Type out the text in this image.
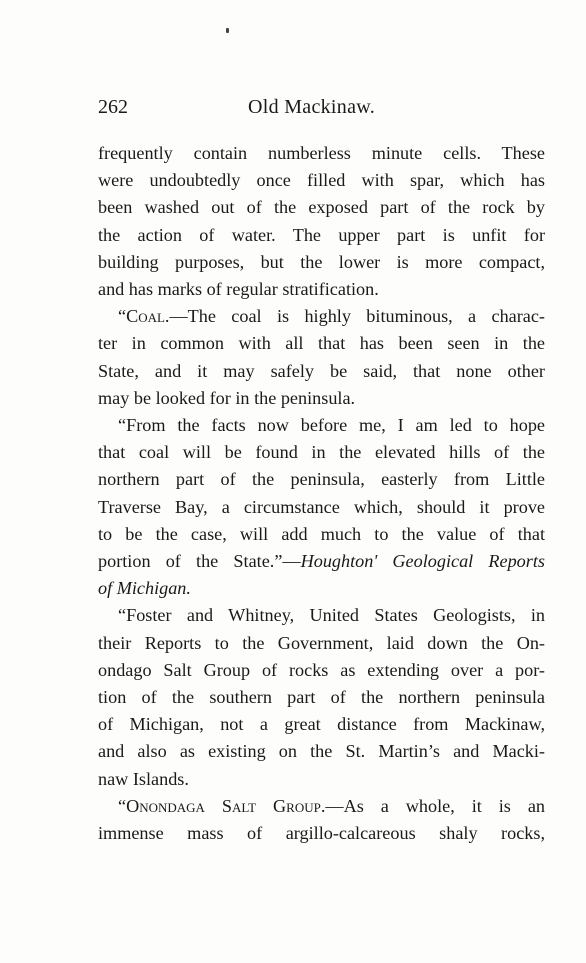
262	Old Mackinaw.
frequently contain numberless minute cells. These
were undoubtedly once filled with spar, which has
been washed out of the exposed part of the rock by
the action of water. The upper part is unfit for
building purposes, but the lower is more compact,
and has marks of regular stratification.
“Coal.—The coal is highly bituminous, a charac-
ter in common with all that has been seen in the
State, and it may safely be said, that none other
may be looked for in the peninsula.
“From the facts now before me, I am led to hope
that coal will be found in the elevated hills of the
northern part of the peninsula, easterly from Little
Traverse Bay, a circumstance which, should it prove
to be the case, will add much to the value of that
portion of the State.”—Houghton' Geological Reports
of Michigan.
“Foster and Whitney, United States Geologists, in
their Reports to the Government, laid down the On-
ondago Salt Group of rocks as extending over a por-
tion of the southern part of the northern peninsula
of Michigan, not a great distance from Mackinaw,
and also as existing on the St. Martin’s and Macki-
naw Islands.
“Onondaga Salt Group.—As a whole, it is an
immense mass of argillo-calcareous shaly rocks,
